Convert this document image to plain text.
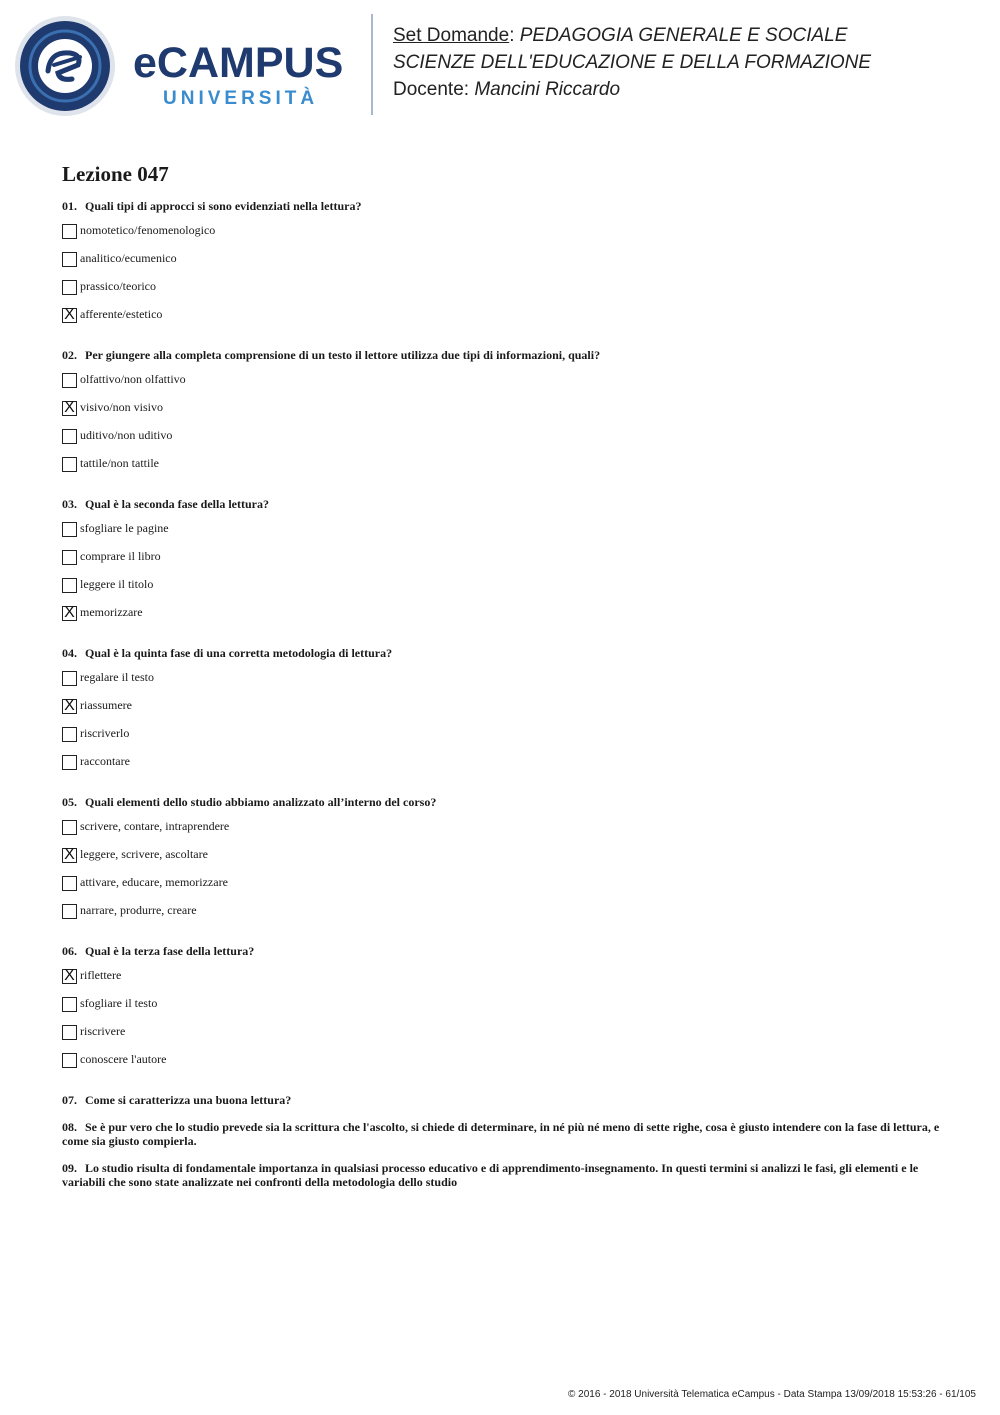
eCAMPUS
UNIVERSITÀ
Set Domande: PEDAGOGIA GENERALE E SOCIALE
SCIENZE DELL'EDUCAZIONE E DELLA FORMAZIONE
Docente: Mancini Riccardo
Lezione 047
01. Quali tipi di approcci si sono evidenziati nella lettura?
nomotetico/fenomenologico
analitico/ecumenico
prassico/teorico
X
afferente/estetico
02. Per giungere alla completa comprensione di un testo il lettore utilizza due tipi di informazioni, quali?
olfattivo/non olfattivo
X
visivo/non visivo
uditivo/non uditivo
tattile/non tattile
03. Qual è la seconda fase della lettura?
sfogliare le pagine
comprare il libro
leggere il titolo
X
memorizzare
04. Qual è la quinta fase di una corretta metodologia di lettura?
regalare il testo
X
riassumere
riscriverlo
raccontare
05. Quali elementi dello studio abbiamo analizzato all’interno del corso?
scrivere, contare, intraprendere
X
leggere, scrivere, ascoltare
attivare, educare, memorizzare
narrare, produrre, creare
06. Qual è la terza fase della lettura?
X
riflettere
sfogliare il testo
riscrivere
conoscere l'autore
07. Come si caratterizza una buona lettura?
08. Se è pur vero che lo studio prevede sia la scrittura che l'ascolto, si chiede di determinare, in né più né meno di sette righe, cosa è giusto intendere con la fase di lettura, e come sia giusto compierla.
09. Lo studio risulta di fondamentale importanza in qualsiasi processo educativo e di apprendimento-insegnamento. In questi termini si analizzi le fasi, gli elementi e le variabili che sono state analizzate nei confronti della metodologia dello studio
© 2016 - 2018 Università Telematica eCampus - Data Stampa 13/09/2018 15:53:26 - 61/105
